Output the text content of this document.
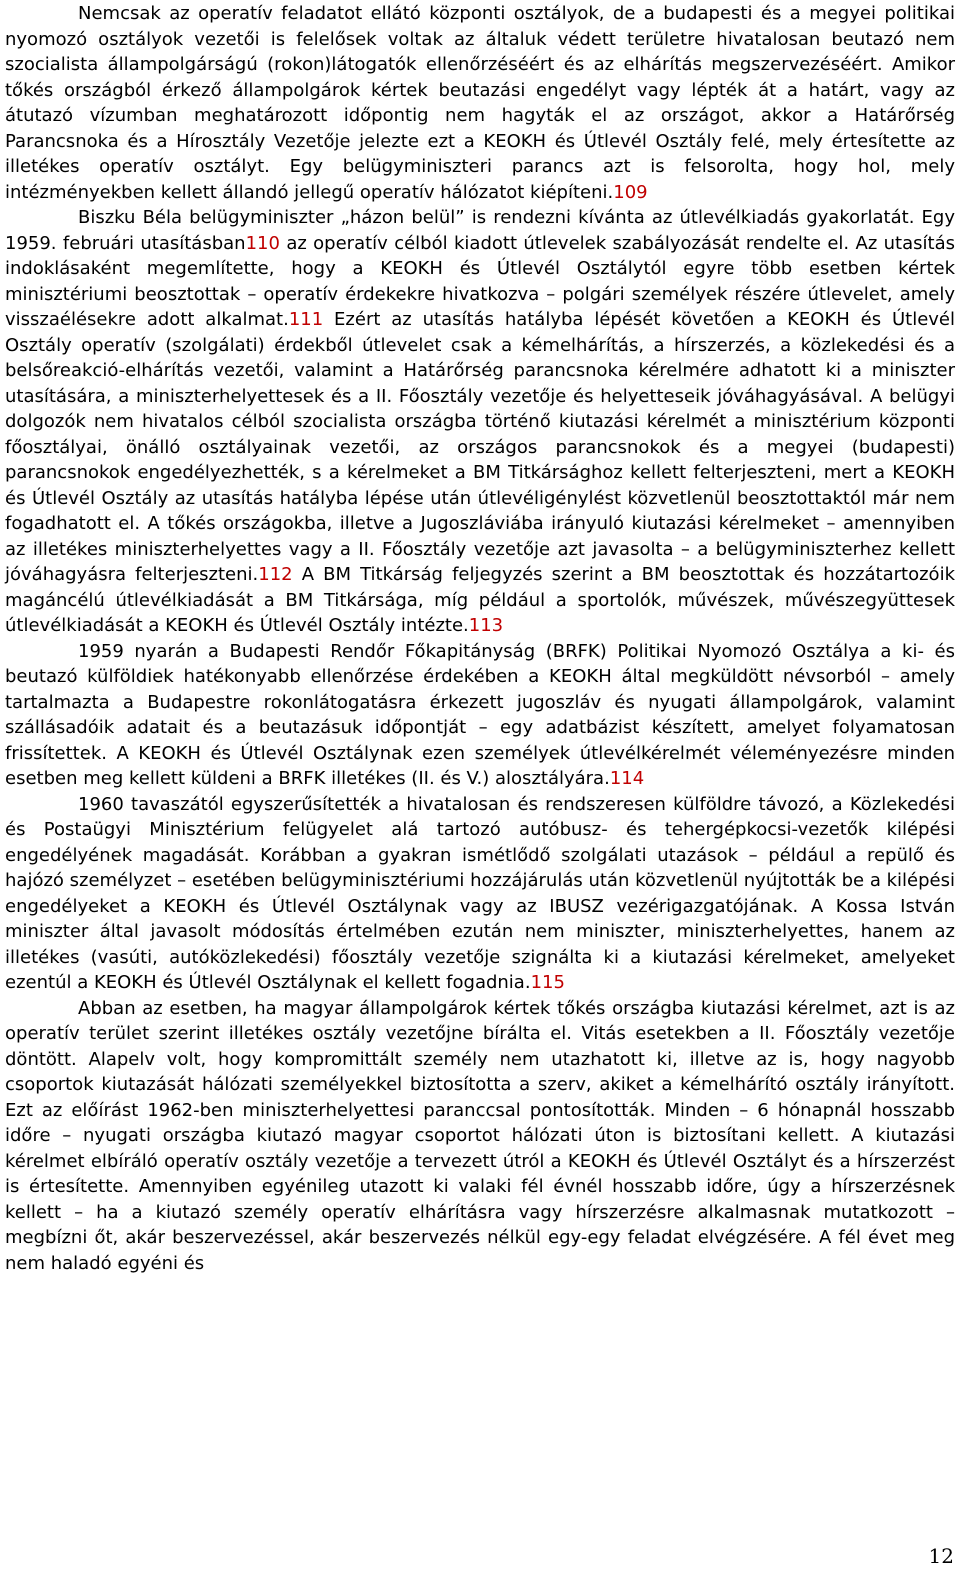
Nemcsak az operatív feladatot ellátó központi osztályok, de a budapesti és a megyei politikai nyomozó osztályok vezetői is felelősek voltak az általuk védett területre hivatalosan beutazó nem szocialista állampolgárságú (rokon)látogatók ellenőrzéséért és az elhárítás megszervezéséért. Amikor tőkés országból érkező állampolgárok kértek beutazási engedélyt vagy lépték át a határt, vagy az átutazó vízumban meghatározott időpontig nem hagyták el az országot, akkor a Határőrség Parancsnoka és a Hírosztály Vezetője jelezte ezt a KEOKH és Útlevél Osztály felé, mely értesítette az illetékes operatív osztályt. Egy belügyminiszteri parancs azt is felsorolta, hogy hol, mely intézményekben kellett állandó jellegű operatív hálózatot kiépíteni.109

Biszku Béla belügyminiszter „házon belül” is rendezni kívánta az útlevélkiadás gyakorlatát. Egy 1959. februári utasításban110 az operatív célból kiadott útlevelek szabályozását rendelte el. Az utasítás indoklásaként megemlítette, hogy a KEOKH és Útlevél Osztálytól egyre több esetben kértek minisztériumi beosztottak – operatív érdekekre hivatkozva – polgári személyek részére útlevelet, amely visszaélésekre adott alkalmat.111 Ezért az utasítás hatályba lépését követően a KEOKH és Útlevél Osztály operatív (szolgálati) érdekből útlevelet csak a kémelhárítás, a hírszerzés, a közlekedési és a belsőreakció-elhárítás vezetői, valamint a Határőrség parancsnoka kérelmére adhatott ki a miniszter utasítására, a miniszterhelyettesek és a II. Főosztály vezetője és helyetteseik jóváhagyásával. A belügyi dolgozók nem hivatalos célból szocialista országba történő kiutazási kérelmét a minisztérium központi főosztályai, önálló osztályainak vezetői, az országos parancsnokok és a megyei (budapesti) parancsnokok engedélyezhették, s a kérelmeket a BM Titkársághoz kellett felterjeszteni, mert a KEOKH és Útlevél Osztály az utasítás hatályba lépése után útlevéligénylést közvetlenül beosztottaktól már nem fogadhatott el. A tőkés országokba, illetve a Jugoszláviába irányuló kiutazási kérelmeket – amennyiben az illetékes miniszterhelyettes vagy a II. Főosztály vezetője azt javasolta – a belügyminiszterhez kellett jóváhagyásra felterjeszteni.112 A BM Titkárság feljegyzés szerint a BM beosztottak és hozzátartozóik magáncélú útlevélkiadását a BM Titkársága, míg például a sportolók, művészek, művészegyüttesek útlevélkiadását a KEOKH és Útlevél Osztály intézte.113

1959 nyarán a Budapesti Rendőr Főkapitányság (BRFK) Politikai Nyomozó Osztálya a ki- és beutazó külföldiek hatékonyabb ellenőrzése érdekében a KEOKH által megküldött névsorból – amely tartalmazta a Budapestre rokonlátogatásra érkezett jugoszláv és nyugati állampolgárok, valamint szállásadóik adatait és a beutazásuk időpontját – egy adatbázist készített, amelyet folyamatosan frissítettek. A KEOKH és Útlevél Osztálynak ezen személyek útlevélkérelmét véleményezésre minden esetben meg kellett küldeni a BRFK illetékes (II. és V.) alosztályára.114

1960 tavaszától egyszerűsítették a hivatalosan és rendszeresen külföldre távozó, a Közlekedési és Postaügyi Minisztérium felügyelet alá tartozó autóbusz- és tehergépkocsi-vezetők kilépési engedélyének magadását. Korábban a gyakran ismétlődő szolgálati utazások – például a repülő és hajózó személyzet – esetében belügyminisztériumi hozzájárulás után közvetlenül nyújtották be a kilépési engedélyeket a KEOKH és Útlevél Osztálynak vagy az IBUSZ vezérigazgatójának. A Kossa István miniszter által javasolt módosítás értelmében ezután nem miniszter, miniszterhelyettes, hanem az illetékes (vasúti, autóközlekedési) főosztály vezetője szignálta ki a kiutazási kérelmeket, amelyeket ezentúl a KEOKH és Útlevél Osztálynak el kellett fogadnia.115

Abban az esetben, ha magyar állampolgárok kértek tőkés országba kiutazási kérelmet, azt is az operatív terület szerint illetékes osztály vezetőjne bírálta el. Vitás esetekben a II. Főosztály vezetője döntött. Alapelv volt, hogy kompromittált személy nem utazhatott ki, illetve az is, hogy nagyobb csoportok kiutazását hálózati személyekkel biztosította a szerv, akiket a kémelhárító osztály irányított. Ezt az előírást 1962-ben miniszterhelyettesi paranccsal pontosították. Minden – 6 hónapnál hosszabb időre – nyugati országba kiutazó magyar csoportot hálózati úton is biztosítani kellett. A kiutazási kérelmet elbíráló operatív osztály vezetője a tervezett útról a KEOKH és Útlevél Osztályt és a hírszerzést is értesítette. Amennyiben egyénileg utazott ki valaki fél évnél hosszabb időre, úgy a hírszerzésnek kellett – ha a kiutazó személy operatív elhárításra vagy hírszerzésre alkalmasnak mutatkozott – megbízni őt, akár beszervezéssel, akár beszervezés nélkül egy-egy feladat elvégzésére. A fél évet meg nem haladó egyéni és

12
